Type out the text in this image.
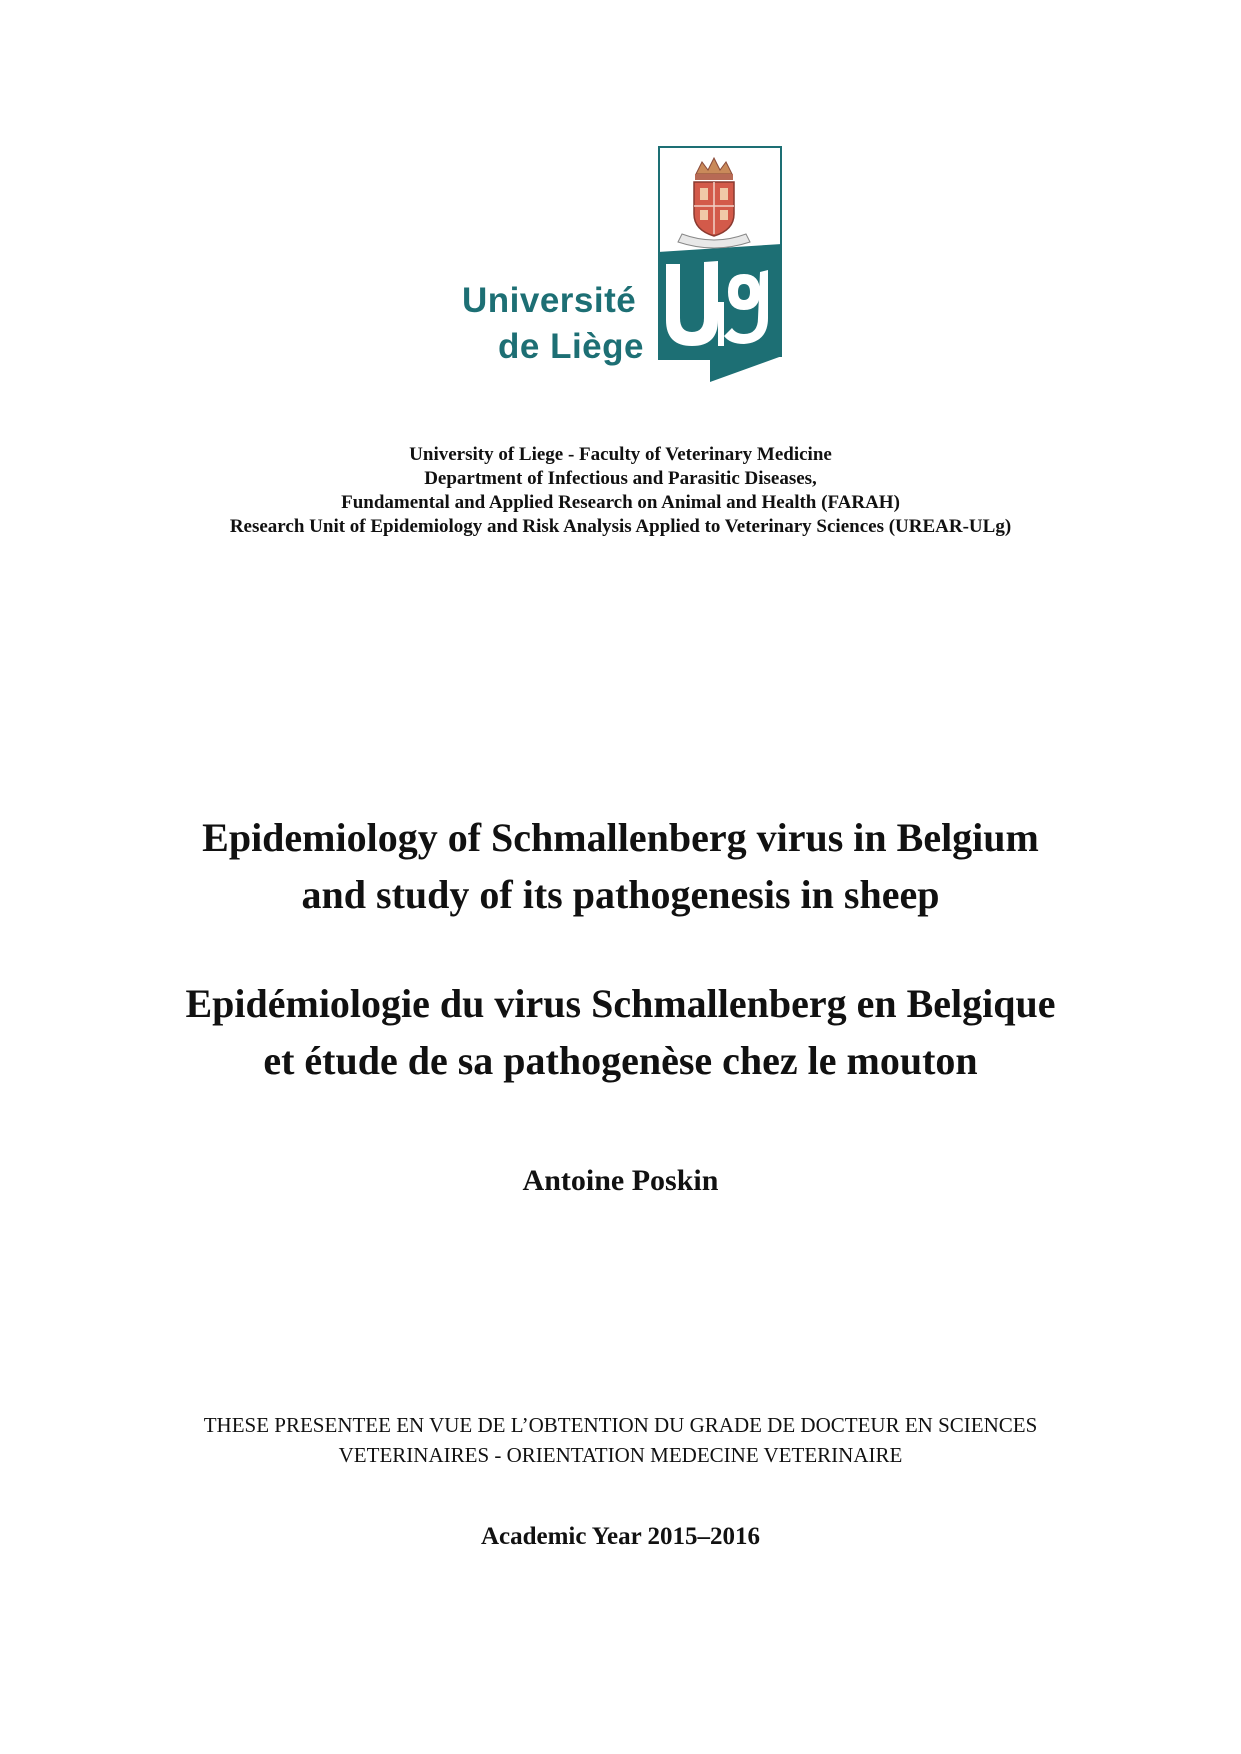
Université
de Liège
University of Liege - Faculty of Veterinary Medicine
Department of Infectious and Parasitic Diseases,
Fundamental and Applied Research on Animal and Health (FARAH)
Research Unit of Epidemiology and Risk Analysis Applied to Veterinary Sciences (UREAR-ULg)
Epidemiology of Schmallenberg virus in Belgium
and study of its pathogenesis in sheep
Epidémiologie du virus Schmallenberg en Belgique
et étude de sa pathogenèse chez le mouton
Antoine Poskin
THESE PRESENTEE EN VUE DE L’OBTENTION DU GRADE DE DOCTEUR EN SCIENCES
VETERINAIRES - ORIENTATION MEDECINE VETERINAIRE
Academic Year 2015–2016
